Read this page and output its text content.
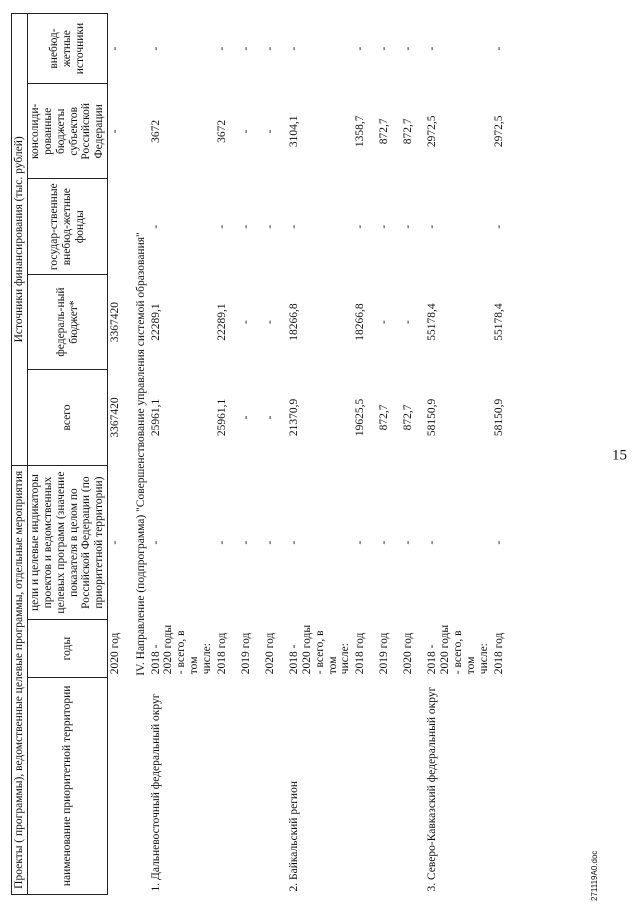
15
Проекты ( программы), ведомственные целевые программы, отдельные мероприятия			Источники финансирования (тыс. рублей)				
наименование приоритетной территории	годы	цели и целевые индикаторы проектов и ведомственных целевых программ (значение показателя в целом по Российской Федерации (по приоритетной территории)	всего	федераль-ный бюджет*	государ-ственные внебюд-жетные фонды	консолиди-рованные бюджеты субъектов Российской Федерации	внебюд-жетные источники
	2020 год	-	3367420	3367420		-	-
IV. Направление (подпрограмма) "Совершенствование управления системой образования"							
1. Дальневосточный федеральный округ	2018 - 2020 годы - всего, в том числе:	-	25961,1	22289,1	-	3672	-
	2018 год	-	25961,1	22289,1	-	3672	-
	2019 год	-	-	-	-	-	-
	2020 год	-	-	-	-	-	-
2. Байкальский регион	2018 - 2020 годы - всего, в том числе:	-	21370,9	18266,8	-	3104,1	-
	2018 год	-	19625,5	18266,8	-	1358,7	-
	2019 год	-	872,7	-	-	872,7	-
	2020 год	-	872,7	-	-	872,7	-
3. Северо-Кавказский федеральный округ	2018 - 2020 годы - всего, в том числе:	-	58150,9	55178,4	-	2972,5	-
	2018 год	-	58150,9	55178,4	-	2972,5	-
271119A0.doc
